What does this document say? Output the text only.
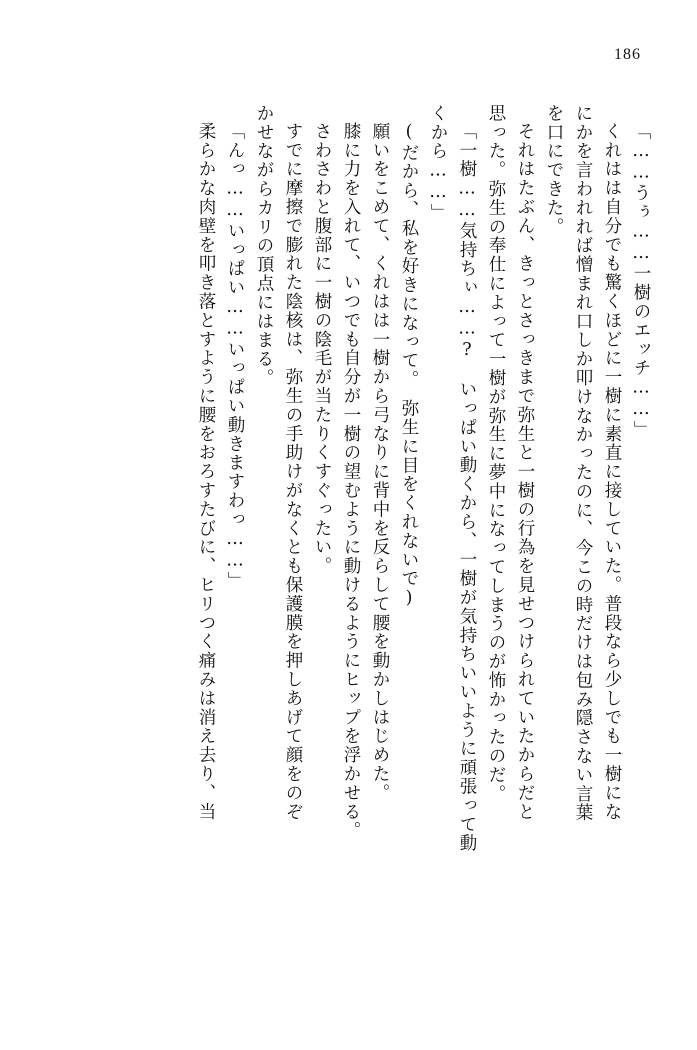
186
「……うぅ……一樹のエッチ……」
くれはは自分でも驚くほどに一樹に素直に接していた。普段なら少しでも一樹にな
にかを言われれば憎まれ口しか叩けなかったのに、今この時だけは包み隠さない言葉
を口にできた。
それはたぶん、きっとさっきまで弥生と一樹の行為を見せつけられていたからだと
思った。弥生の奉仕によって一樹が弥生に夢中になってしまうのが怖かったのだ。
「一樹……気持ちぃ……?　いっぱい動くから、一樹が気持ちいいように頑張って動
くから……」
(だから、私を好きになって。　弥生に目をくれないで)
願いをこめて、くれはは一樹から弓なりに背中を反らして腰を動かしはじめた。
膝に力を入れて、いつでも自分が一樹の望むように動けるようにヒップを浮かせる。
さわさわと腹部に一樹の陰毛が当たりくすぐったい。
すでに摩擦で膨れた陰核は、弥生の手助けがなくとも保護膜を押しあげて顔をのぞ
かせながらカリの頂点にはまる。
「んっ……いっぱい……いっぱい動きますわっ……」
柔らかな肉壁を叩き落とすように腰をおろすたびに、ヒリつく痛みは消え去り、当
